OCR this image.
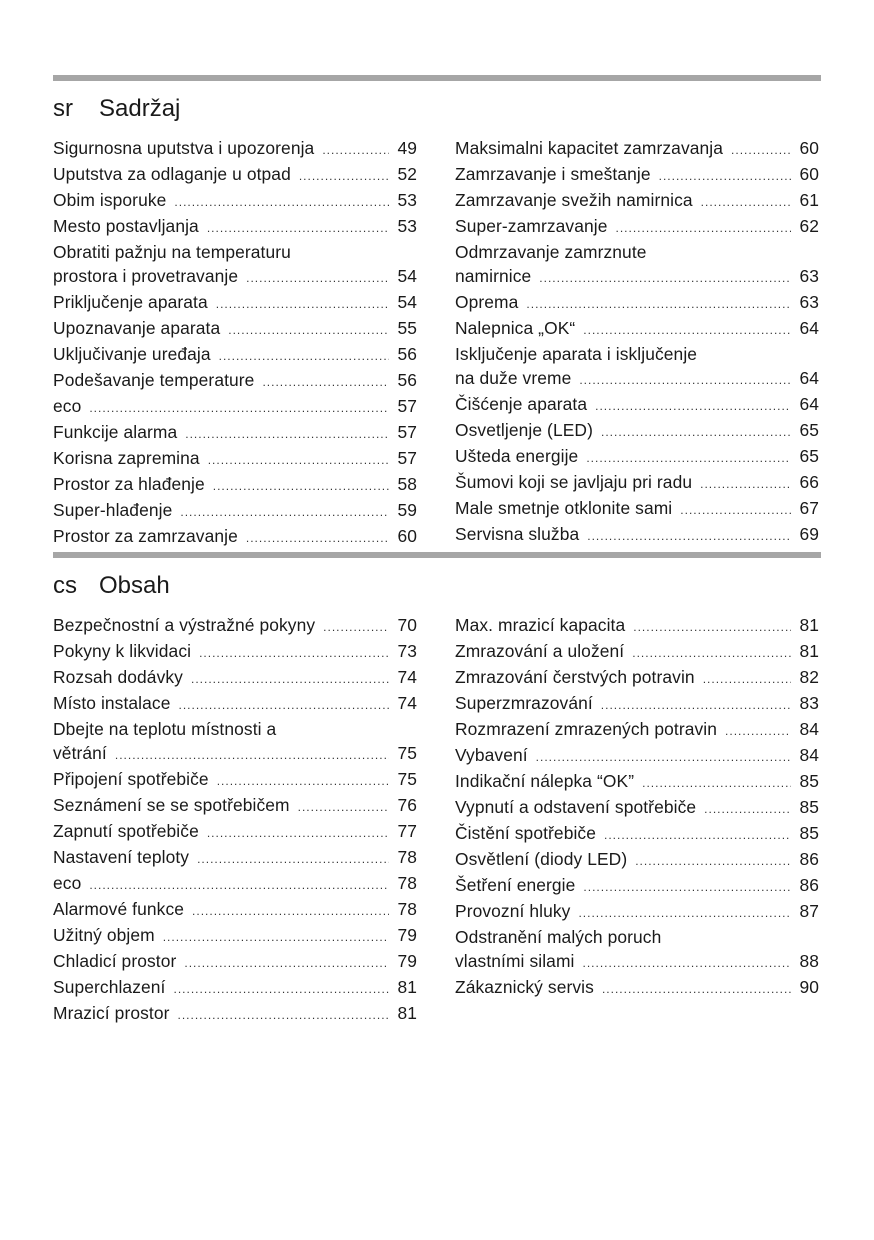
sr Sadržaj
Sigurnosna uputstva i upozorenja .....	49
Uputstva za odlaganje u otpad .....	52
Obim isporuke .....	53
Mesto postavljanja .....	53
Obratiti pažnju na temperaturu
prostora i provetravanje .....	54
Priključenje aparata .....	54
Upoznavanje aparata .....	55
Uključivanje uređaja .....	56
Podešavanje temperature .....	56
eco .....	57
Funkcije alarma .....	57
Korisna zapremina .....	57
Prostor za hlađenje .....	58
Super-hlađenje .....	59
Prostor za zamrzavanje .....	60
Maksimalni kapacitet zamrzavanja .....	60
Zamrzavanje i smeštanje .....	60
Zamrzavanje svežih namirnica .....	61
Super-zamrzavanje .....	62
Odmrzavanje zamrznute
namirnice .....	63
Oprema .....	63
Nalepnica „OK“ .....	64
Isključenje aparata i isključenje
na duže vreme .....	64
Čišćenje aparata .....	64
Osvetljenje (LED) .....	65
Ušteda energije .....	65
Šumovi koji se javljaju pri radu .....	66
Male smetnje otklonite sami .....	67
Servisna služba .....	69
cs Obsah
Bezpečnostní a výstražné pokyny .....	70
Pokyny k likvidaci .....	73
Rozsah dodávky .....	74
Místo instalace .....	74
Dbejte na teplotu místnosti a
větrání .....	75
Připojení spotřebiče .....	75
Seznámení se se spotřebičem .....	76
Zapnutí spotřebiče .....	77
Nastavení teploty .....	78
eco .....	78
Alarmové funkce .....	78
Užitný objem .....	79
Chladicí prostor .....	79
Superchlazení .....	81
Mrazicí prostor .....	81
Max. mrazicí kapacita .....	81
Zmrazování a uložení .....	81
Zmrazování čerstvých potravin .....	82
Superzmrazování .....	83
Rozmrazení zmrazených potravin .....	84
Vybavení .....	84
Indikační nálepka “OK” .....	85
Vypnutí a odstavení spotřebiče .....	85
Čistění spotřebiče .....	85
Osvětlení (diody LED) .....	86
Šetření energie .....	86
Provozní hluky .....	87
Odstranění malých poruch
vlastními silami .....	88
Zákaznický servis .....	90
